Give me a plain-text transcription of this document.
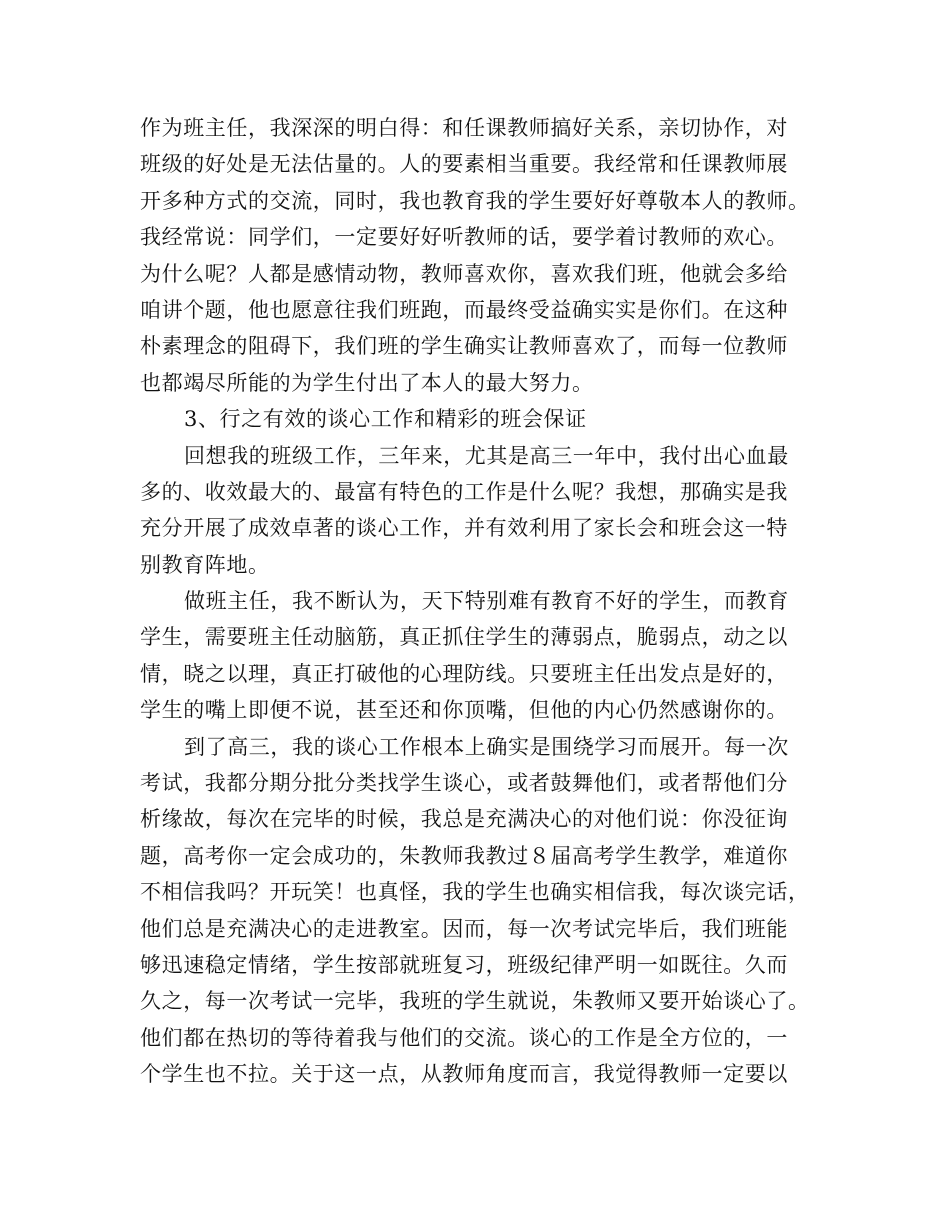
作为班主任，我深深的明白得：和任课教师搞好关系，亲切协作，对
班级的好处是无法估量的。人的要素相当重要。我经常和任课教师展
开多种方式的交流，同时，我也教育我的学生要好好尊敬本人的教师。
我经常说：同学们，一定要好好听教师的话，要学着讨教师的欢心。
为什么呢？人都是感情动物，教师喜欢你，喜欢我们班，他就会多给
咱讲个题，他也愿意往我们班跑，而最终受益确实实是你们。在这种
朴素理念的阻碍下，我们班的学生确实让教师喜欢了，而每一位教师
也都竭尽所能的为学生付出了本人的最大努力。
3、行之有效的谈心工作和精彩的班会保证
回想我的班级工作，三年来，尤其是高三一年中，我付出心血最
多的、收效最大的、最富有特色的工作是什么呢？我想，那确实是我
充分开展了成效卓著的谈心工作，并有效利用了家长会和班会这一特
别教育阵地。
做班主任，我不断认为，天下特别难有教育不好的学生，而教育
学生，需要班主任动脑筋，真正抓住学生的薄弱点，脆弱点，动之以
情，晓之以理，真正打破他的心理防线。只要班主任出发点是好的，
学生的嘴上即便不说，甚至还和你顶嘴，但他的内心仍然感谢你的。
到了高三，我的谈心工作根本上确实是围绕学习而展开。每一次
考试，我都分期分批分类找学生谈心，或者鼓舞他们，或者帮他们分
析缘故，每次在完毕的时候，我总是充满决心的对他们说：你没征询
题，高考你一定会成功的，朱教师我教过８届高考学生教学，难道你
不相信我吗？开玩笑！也真怪，我的学生也确实相信我，每次谈完话，
他们总是充满决心的走进教室。因而，每一次考试完毕后，我们班能
够迅速稳定情绪，学生按部就班复习，班级纪律严明一如既往。久而
久之，每一次考试一完毕，我班的学生就说，朱教师又要开始谈心了。
他们都在热切的等待着我与他们的交流。谈心的工作是全方位的，一
个学生也不拉。关于这一点，从教师角度而言，我觉得教师一定要以
